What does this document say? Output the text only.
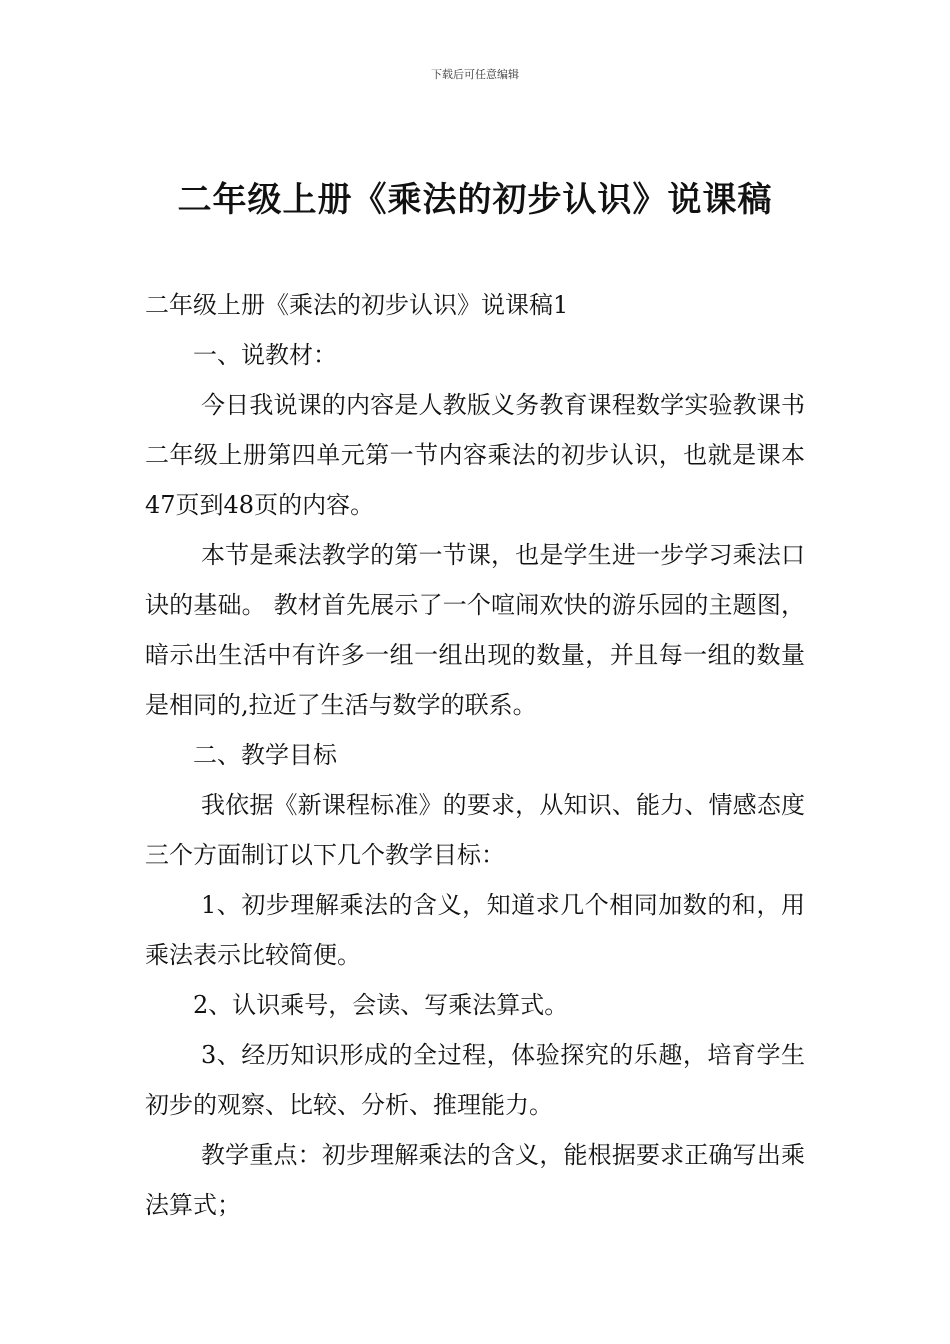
下载后可任意编辑
二年级上册《乘法的初步认识》说课稿

二年级上册《乘法的初步认识》说课稿1

一、说教材：

今日我说课的内容是人教版义务教育课程数学实验教课书二年级上册第四单元第一节内容乘法的初步认识，也就是课本47页到48页的内容。

本节是乘法教学的第一节课，也是学生进一步学习乘法口诀的基础。 教材首先展示了一个喧闹欢快的游乐园的主题图，暗示出生活中有许多一组一组出现的数量，并且每一组的数量是相同的,拉近了生活与数学的联系。

二、教学目标

我依据《新课程标准》的要求，从知识、能力、情感态度三个方面制订以下几个教学目标：

1、初步理解乘法的含义，知道求几个相同加数的和，用乘法表示比较简便。

2、认识乘号，会读、写乘法算式。

3、经历知识形成的全过程，体验探究的乐趣，培育学生初步的观察、比较、分析、推理能力。

教学重点：初步理解乘法的含义，能根据要求正确写出乘法算式；
